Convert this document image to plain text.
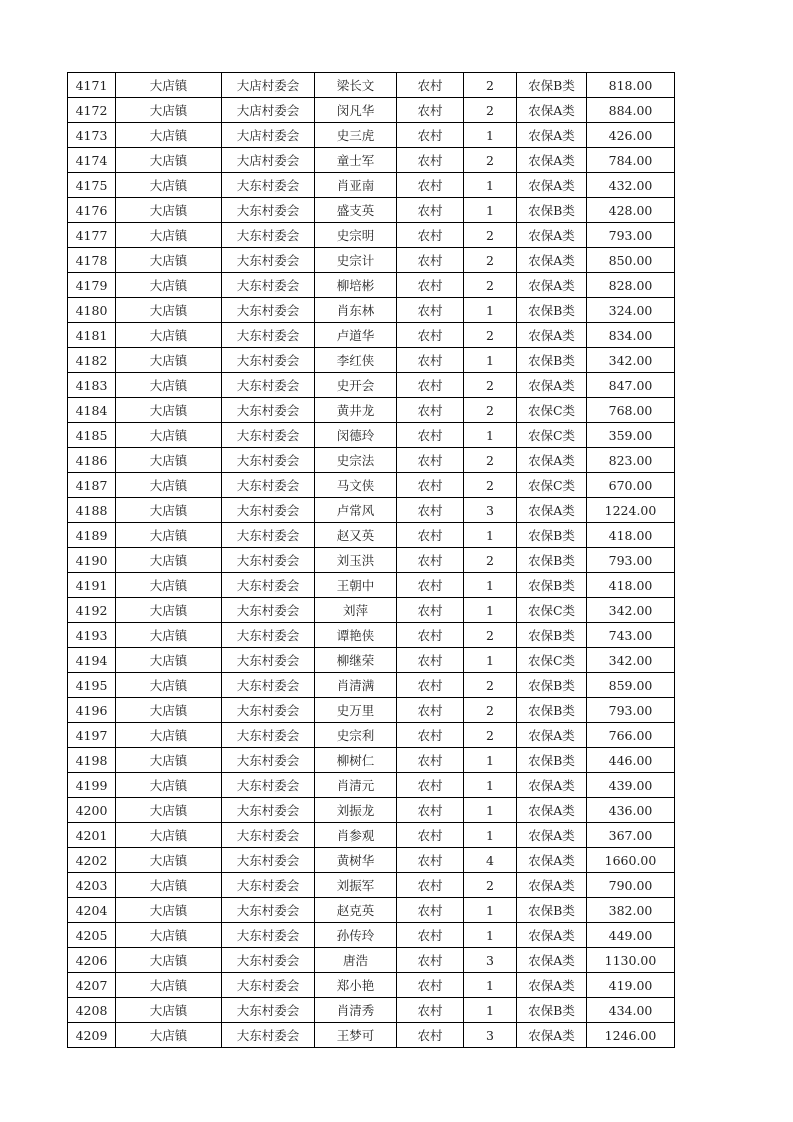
4171	大店镇	大店村委会	梁长文	农村	2	农保B类	818.00
4172	大店镇	大店村委会	闵凡华	农村	2	农保A类	884.00
4173	大店镇	大店村委会	史三虎	农村	1	农保A类	426.00
4174	大店镇	大店村委会	童士军	农村	2	农保A类	784.00
4175	大店镇	大东村委会	肖亚南	农村	1	农保A类	432.00
4176	大店镇	大东村委会	盛支英	农村	1	农保B类	428.00
4177	大店镇	大东村委会	史宗明	农村	2	农保A类	793.00
4178	大店镇	大东村委会	史宗计	农村	2	农保A类	850.00
4179	大店镇	大东村委会	柳培彬	农村	2	农保A类	828.00
4180	大店镇	大东村委会	肖东林	农村	1	农保B类	324.00
4181	大店镇	大东村委会	卢道华	农村	2	农保A类	834.00
4182	大店镇	大东村委会	李红侠	农村	1	农保B类	342.00
4183	大店镇	大东村委会	史开会	农村	2	农保A类	847.00
4184	大店镇	大东村委会	黄井龙	农村	2	农保C类	768.00
4185	大店镇	大东村委会	闵德玲	农村	1	农保C类	359.00
4186	大店镇	大东村委会	史宗法	农村	2	农保A类	823.00
4187	大店镇	大东村委会	马文侠	农村	2	农保C类	670.00
4188	大店镇	大东村委会	卢常风	农村	3	农保A类	1224.00
4189	大店镇	大东村委会	赵又英	农村	1	农保B类	418.00
4190	大店镇	大东村委会	刘玉洪	农村	2	农保B类	793.00
4191	大店镇	大东村委会	王朝中	农村	1	农保B类	418.00
4192	大店镇	大东村委会	刘萍	农村	1	农保C类	342.00
4193	大店镇	大东村委会	谭艳侠	农村	2	农保B类	743.00
4194	大店镇	大东村委会	柳继荣	农村	1	农保C类	342.00
4195	大店镇	大东村委会	肖清满	农村	2	农保B类	859.00
4196	大店镇	大东村委会	史万里	农村	2	农保B类	793.00
4197	大店镇	大东村委会	史宗利	农村	2	农保A类	766.00
4198	大店镇	大东村委会	柳树仁	农村	1	农保B类	446.00
4199	大店镇	大东村委会	肖清元	农村	1	农保A类	439.00
4200	大店镇	大东村委会	刘振龙	农村	1	农保A类	436.00
4201	大店镇	大东村委会	肖参观	农村	1	农保A类	367.00
4202	大店镇	大东村委会	黄树华	农村	4	农保A类	1660.00
4203	大店镇	大东村委会	刘振军	农村	2	农保A类	790.00
4204	大店镇	大东村委会	赵克英	农村	1	农保B类	382.00
4205	大店镇	大东村委会	孙传玲	农村	1	农保A类	449.00
4206	大店镇	大东村委会	唐浩	农村	3	农保A类	1130.00
4207	大店镇	大东村委会	郑小艳	农村	1	农保A类	419.00
4208	大店镇	大东村委会	肖清秀	农村	1	农保B类	434.00
4209	大店镇	大东村委会	王梦可	农村	3	农保A类	1246.00
